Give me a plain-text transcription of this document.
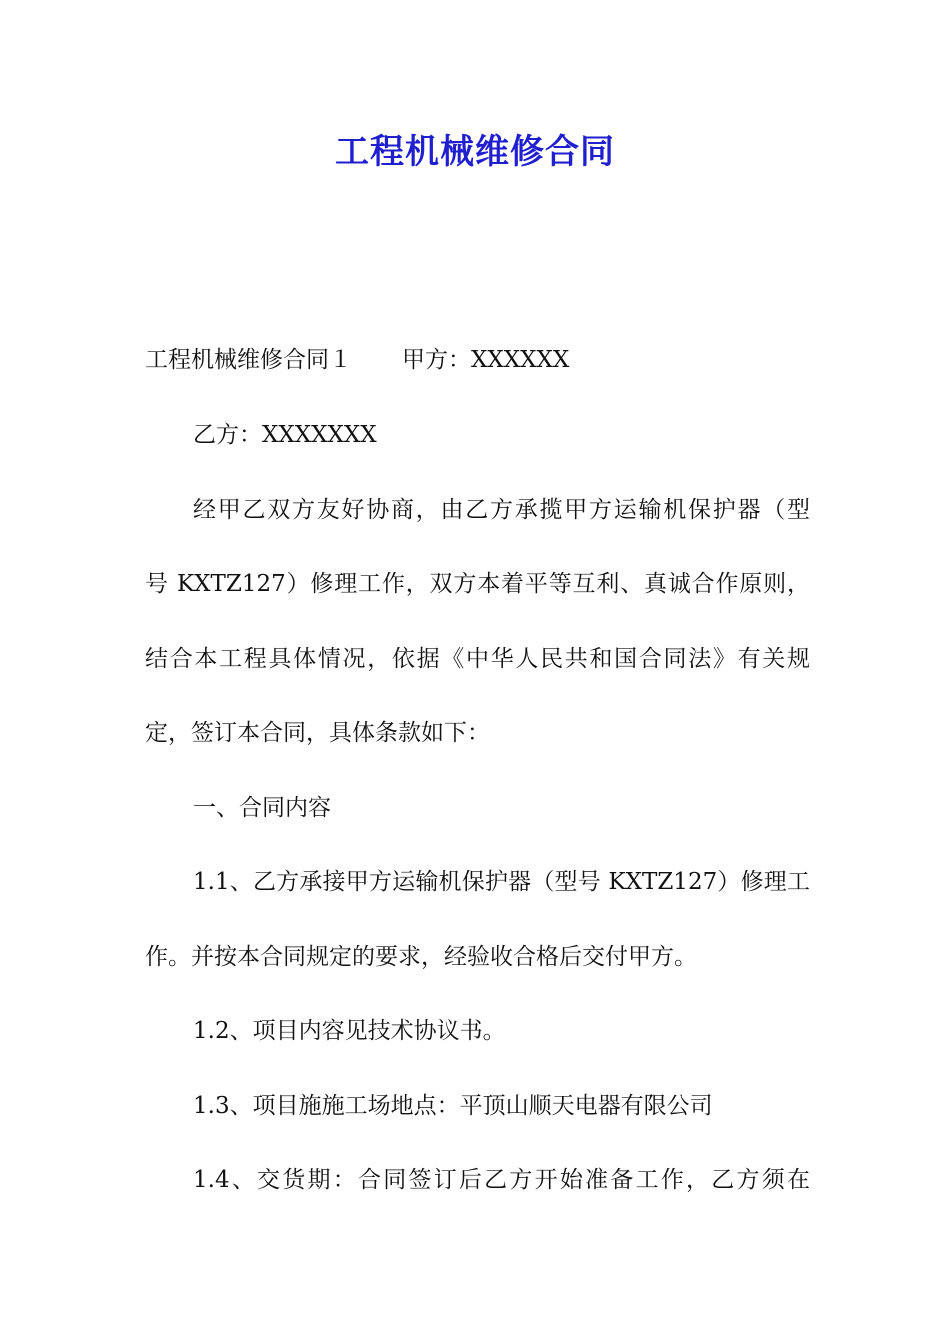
工程机械维修合同
工程机械维修合同１ 甲方：XXXXXX
乙方：XXXXXXX
经甲乙双方友好协商，由乙方承揽甲方运输机保护器（型
号 KXTZ127）修理工作，双方本着平等互利、真诚合作原则，
结合本工程具体情况，依据《中华人民共和国合同法》有关规
定，签订本合同，具体条款如下：
一、合同内容
1.1、乙方承接甲方运输机保护器（型号 KXTZ127）修理工
作。并按本合同规定的要求，经验收合格后交付甲方。
1.2、项目内容见技术协议书。
1.3、项目施施工场地点：平顶山顺天电器有限公司
1.4、交货期：合同签订后乙方开始准备工作，乙方须在
